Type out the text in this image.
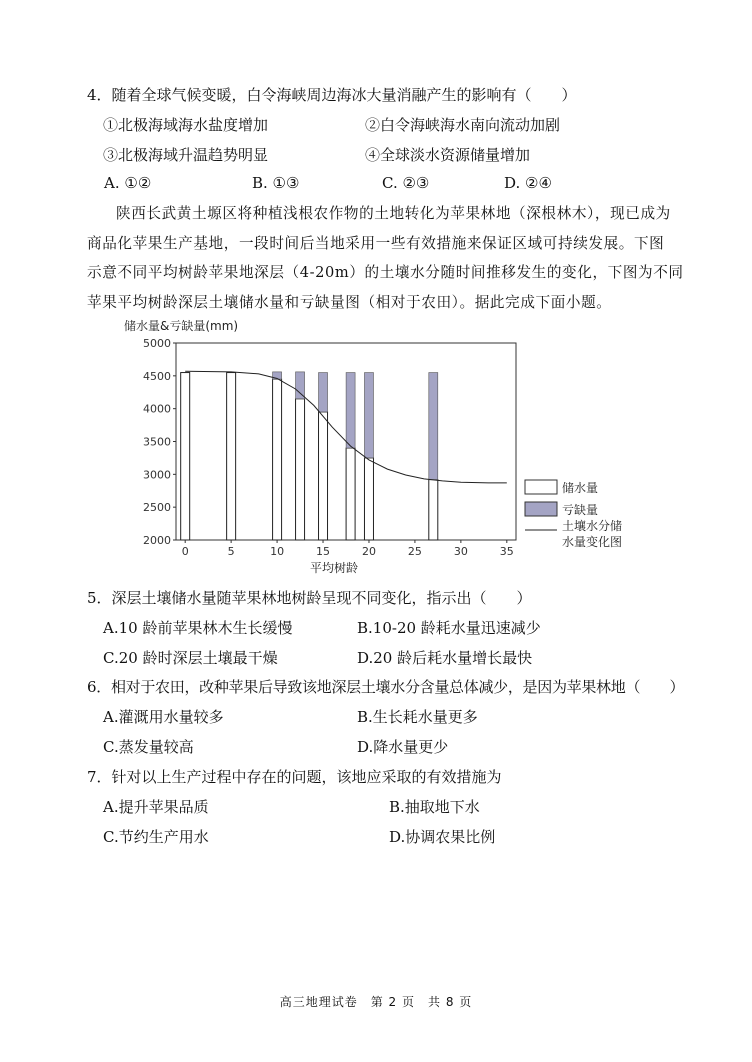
4．随着全球气候变暖，白令海峡周边海冰大量消融产生的影响有（　　）
①北极海域海水盐度增加	②白令海峡海水南向流动加剧
③北极海域升温趋势明显	④全球淡水资源储量增加
A. ①②	B. ①③	C. ②③	D. ②④

陕西长武黄土塬区将种植浅根农作物的土地转化为苹果林地（深根林木），现已成为

商品化苹果生产基地，一段时间后当地采用一些有效措施来保证区域可持续发展。下图

示意不同平均树龄苹果地深层（4-20m）的土壤水分随时间推移发生的变化，下图为不同

苹果平均树龄深层土壤储水量和亏缺量图（相对于农田）。据此完成下面小题。

储水量&亏缺量(mm)
5000
4500
4000
3500
3000
2500
2000
0	5	10	15	20	25	30	35
平均树龄
储水量
亏缺量
土壤水分储
水量变化图
5．深层土壤储水量随苹果林地树龄呈现不同变化，指示出（　　）
A.10 龄前苹果林木生长缓慢	B.10-20 龄耗水量迅速减少
C.20 龄时深层土壤最干燥	D.20 龄后耗水量增长最快
6．相对于农田，改种苹果后导致该地深层土壤水分含量总体减少，是因为苹果林地（　　）
A.灌溉用水量较多	B.生长耗水量更多
C.蒸发量较高	D.降水量更少
7．针对以上生产过程中存在的问题，该地应采取的有效措施为
A.提升苹果品质	B.抽取地下水
C.节约生产用水	D.协调农果比例
高三地理试卷　第 2 页　共 8 页
